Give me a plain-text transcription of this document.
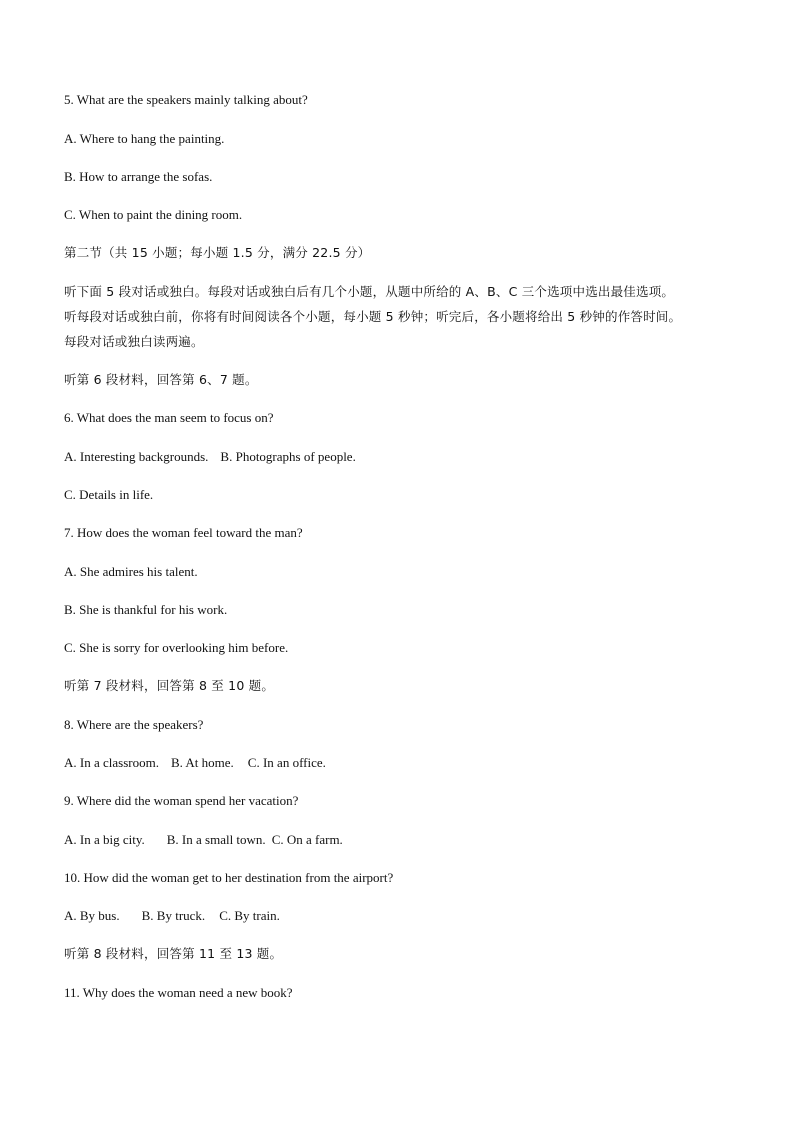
5. What are the speakers mainly talking about?
A. Where to hang the painting.
B. How to arrange the sofas.
C. When to paint the dining room.
第二节（共 15 小题；每小题 1.5 分，满分 22.5 分）
听下面 5 段对话或独白。每段对话或独白后有几个小题，从题中所给的 A、B、C 三个选项中选出最佳选项。
听每段对话或独白前，你将有时间阅读各个小题，每小题 5 秒钟；听完后，各小题将给出 5 秒钟的作答时间。
每段对话或独白读两遍。
听第 6 段材料，回答第 6、7 题。
6. What does the man seem to focus on?
A. Interesting backgrounds. B. Photographs of people.
C. Details in life.
7. How does the woman feel toward the man?
A. She admires his talent.
B. She is thankful for his work.
C. She is sorry for overlooking him before.
听第 7 段材料，回答第 8 至 10 题。
8. Where are the speakers?
A. In a classroom. B. At home. C. In an office.
9. Where did the woman spend her vacation?
A. In a big city. B. In a small town. C. On a farm.
10. How did the woman get to her destination from the airport?
A. By bus. B. By truck. C. By train.
听第 8 段材料，回答第 11 至 13 题。
11. Why does the woman need a new book?
